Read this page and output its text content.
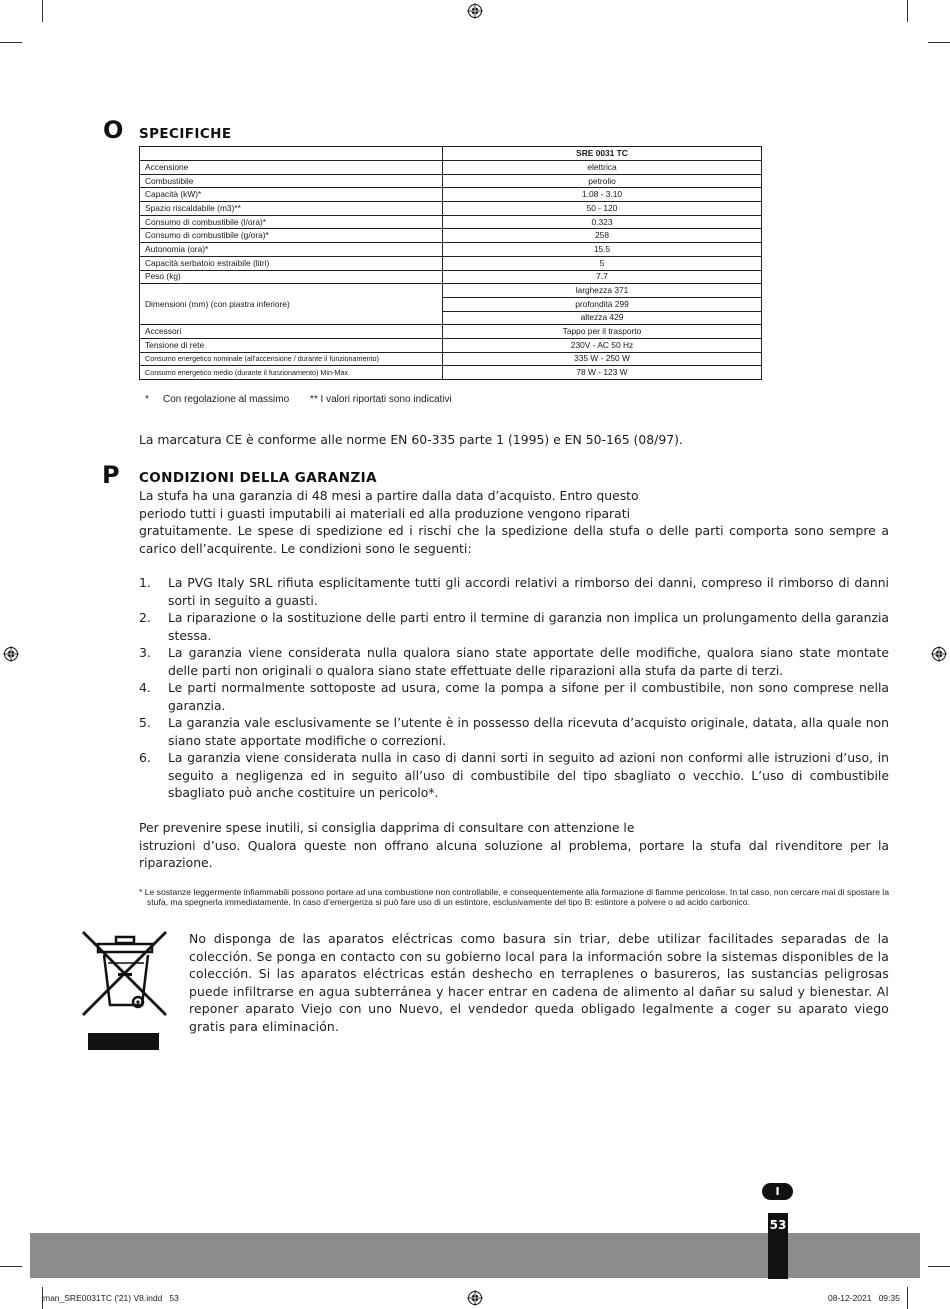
O SPECIFICHE
	SRE 0031 TC
Accensione	elettrica
Combustibile	petrolio
Capacità (kW)*	1.08 - 3.10
Spazio riscaldabile (m3)**	50 - 120
Consumo di combustibile (l/ora)*	0.323
Consumo di combustibile (g/ora)*	258
Autonomia (ora)*	15.5
Capacità serbatoio estraibile (litri)	5
Peso (kg)	7.7
Dimensioni (mm) (con piastra inferiore)	larghezza 371
	profondità 299
	altezza 429
Accessori	Tappo per il trasporto
Tensione di rete	230V - AC 50 Hz
Consumo energetico nominale (all'accensione / durante il funzionamento)	335 W - 250 W
Consumo energetico medio (durante il funzionamento) Min-Max.	78 W - 123 W
* Con regolazione al massimo ** I valori riportati sono indicativi
La marcatura CE è conforme alle norme EN 60-335 parte 1 (1995) e EN 50-165 (08/97).
P CONDIZIONI DELLA GARANZIA
La stufa ha una garanzia di 48 mesi a partire dalla data d’acquisto. Entro questo
periodo tutti i guasti imputabili ai materiali ed alla produzione vengono riparati
gratuitamente. Le spese di spedizione ed i rischi che la spedizione della stufa o delle parti comporta sono sempre a carico dell’acquirente. Le condizioni sono le seguenti:
1. La PVG Italy SRL rifiuta esplicitamente tutti gli accordi relativi a rimborso dei danni, compreso il rimborso di danni sorti in seguito a guasti.
2. La riparazione o la sostituzione delle parti entro il termine di garanzia non implica un prolungamento della garanzia stessa.
3. La garanzia viene considerata nulla qualora siano state apportate delle modifiche, qualora siano state montate delle parti non originali o qualora siano state effettuate delle riparazioni alla stufa da parte di terzi.
4. Le parti normalmente sottoposte ad usura, come la pompa a sifone per il combustibile, non sono comprese nella garanzia.
5. La garanzia vale esclusivamente se l’utente è in possesso della ricevuta d’acquisto originale, datata, alla quale non siano state apportate modifiche o correzioni.
6. La garanzia viene considerata nulla in caso di danni sorti in seguito ad azioni non conformi alle istruzioni d’uso, in seguito a negligenza ed in seguito all’uso di combustibile del tipo sbagliato o vecchio. L’uso di combustibile sbagliato può anche costituire un pericolo*.
Per prevenire spese inutili, si consiglia dapprima di consultare con attenzione le
istruzioni d’uso. Qualora queste non offrano alcuna soluzione al problema, portare la stufa dal rivenditore per la riparazione.
* Le sostanze leggermente infiammabili possono portare ad una combustione non controllabile, e consequentemente alla formazione di fiamme pericolose. In tal caso, non cercare mai di spostare la stufa, ma spegnerla immediatamente. In caso d’emergenza si può fare uso di un estintore, esclusivamente del tipo B: estintore a polvere o ad acido carbonico.
No disponga de las aparatos eléctricas como basura sin triar, debe utilizar facilitades separadas de la colección. Se ponga en contacto con su gobierno local para la información sobre la sistemas disponibles de la colección. Si las aparatos eléctricas están deshecho en terraplenes o basureros, las sustancias peligrosas puede infiltrarse en agua subterránea y hacer entrar en cadena de alimento al dañar su salud y bienestar. Al reponer aparato Viejo con uno Nuevo, el vendedor queda obligado legalmente a coger su aparato viego gratis para eliminación.
I
53
man_SRE0031TC ('21) V8.indd   53	08-12-2021   09:35
